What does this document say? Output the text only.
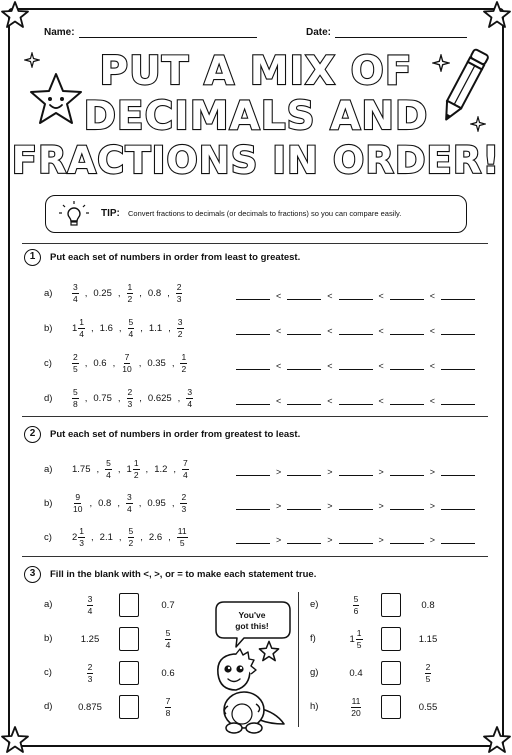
Name:	Date:
PUT A MIX OF
DECIMALS AND
FRACTIONS IN ORDER!
TIP: Convert fractions to decimals (or decimals to fractions) so you can compare easily.
1	Put each set of numbers in order from least to greatest.
$a) \frac{3}{4}$ , 0.25 , $\frac{1}{2}$ , 0.8 , $\frac{2}{3}$	<	<	<	<
b) $1 \frac{1}{4}$ , 1.6 , $\frac{5}{4}$ , 1.1 , $\frac{3}{2}$	<	<	<	<
$c) \frac{2}{5}$ , 0.6 , $\frac{7}{10}$ , 0.35 , $\frac{1}{2}$	<	<	<	<
$d) \frac{5}{8}$ , 0.75 , $\frac{2}{3}$ , 0.625 , $\frac{3}{4}$	<	<	<	<
2	Put each set of numbers in order from greatest to least.
a) 1.75 , $\frac{5}{4}$ , $1 \frac{1}{2}$ , 1.2 , $\frac{7}{4}$	>	>	>	>
$b) \frac{9}{10}$ , 0.8 , $\frac{3}{4}$ , 0.95 , $\frac{2}{3}$	>	>	>	>
c) $2 \frac{1}{3}$ , 2.1 , $\frac{5}{2}$ , 2.6 , $\frac{11}{5}$	>	>	>	>
3	Fill in the blank with <, >, or = to make each statement true.
a)	$\frac{3}{4}$	0.7
b)	1.25	$\frac{5}{4}$
c)	$\frac{2}{3}$	0.6
d)	0.875	$\frac{7}{8}$
e)	$\frac{5}{6}$	0.8
f)	$1 \frac{1}{5}$	1.15
g)	0.4	$\frac{2}{5}$
h)	$\frac{11}{20}$	0.55
You've
got this!
